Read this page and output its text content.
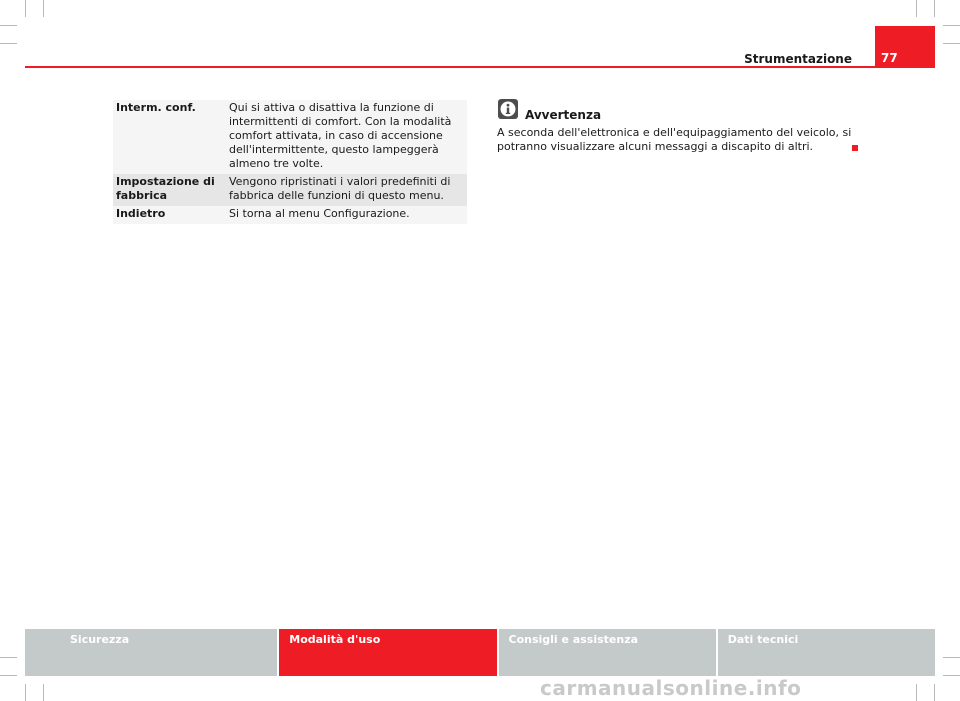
Strumentazione	77
Interm. conf.	Qui si attiva o disattiva la funzione di intermittenti di comfort. Con la modalità comfort attivata, in caso di accensione dell'intermittente, questo lampeggerà almeno tre volte.
Impostazione di fabbrica	Vengono ripristinati i valori predefiniti di fabbrica delle funzioni di questo menu.
Indietro	Si torna al menu Configurazione.
Avvertenza
A seconda dell'elettronica e dell'equipaggiamento del veicolo, si potranno visualizzare alcuni messaggi a discapito di altri.
Sicurezza	Modalità d'uso	Consigli e assistenza	Dati tecnici
carmanualsonline.info
